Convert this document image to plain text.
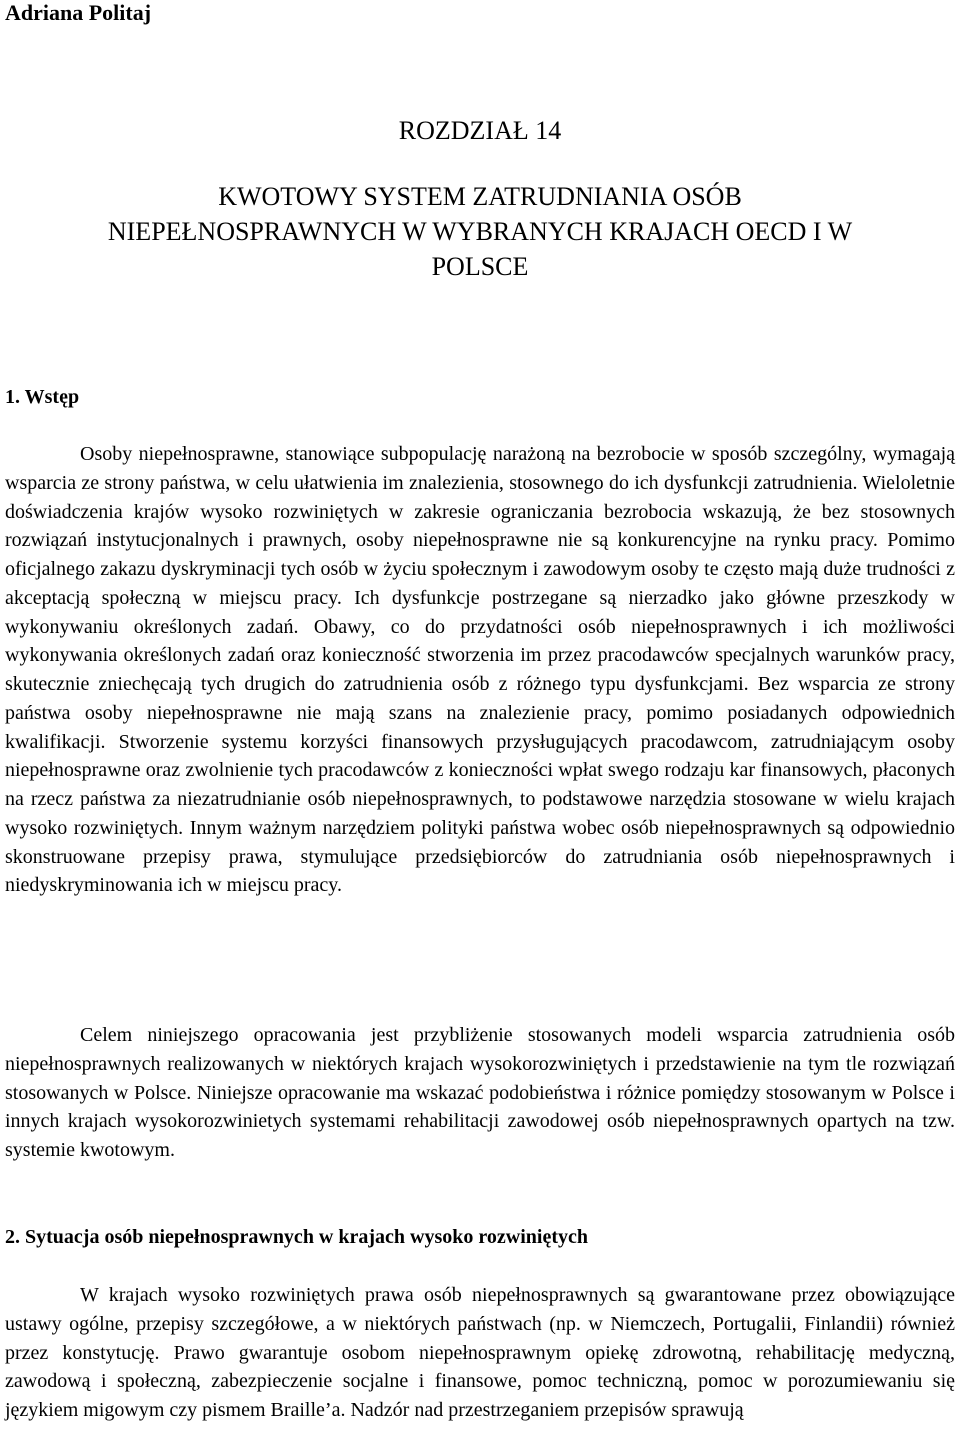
Adriana Politaj
ROZDZIAŁ 14
KWOTOWY SYSTEM ZATRUDNIANIA OSÓB
NIEPEŁNOSPRAWNYCH W WYBRANYCH KRAJACH OECD I W
POLSCE
1. Wstęp

Osoby niepełnosprawne, stanowiące subpopulację narażoną na bezrobocie w sposób szczególny, wymagają wsparcia ze strony państwa, w celu ułatwienia im znalezienia, stosownego do ich dysfunkcji zatrudnienia. Wieloletnie doświadczenia krajów wysoko rozwiniętych w zakresie ograniczania bezrobocia wskazują, że bez stosownych rozwiązań instytucjonalnych i prawnych, osoby niepełnosprawne nie są konkurencyjne na rynku pracy. Pomimo oficjalnego zakazu dyskryminacji tych osób w życiu społecznym i zawodowym osoby te często mają duże trudności z akceptacją społeczną w miejscu pracy. Ich dysfunkcje postrzegane są nierzadko jako główne przeszkody w wykonywaniu określonych zadań. Obawy, co do przydatności osób niepełnosprawnych i ich możliwości wykonywania określonych zadań oraz konieczność stworzenia im przez pracodawców specjalnych warunków pracy, skutecznie zniechęcają tych drugich do zatrudnienia osób z różnego typu dysfunkcjami. Bez wsparcia ze strony państwa osoby niepełnosprawne nie mają szans na znalezienie pracy, pomimo posiadanych odpowiednich kwalifikacji. Stworzenie systemu korzyści finansowych przysługujących pracodawcom, zatrudniającym osoby niepełnosprawne oraz zwolnienie tych pracodawców z konieczności wpłat swego rodzaju kar finansowych, płaconych na rzecz państwa za niezatrudnianie osób niepełnosprawnych, to podstawowe narzędzia stosowane w wielu krajach wysoko rozwiniętych. Innym ważnym narzędziem polityki państwa wobec osób niepełnosprawnych są odpowiednio skonstruowane przepisy prawa, stymulujące przedsiębiorców do zatrudniania osób niepełnosprawnych i niedyskryminowania ich w miejscu pracy.

Celem niniejszego opracowania jest przybliżenie stosowanych modeli wsparcia zatrudnienia osób niepełnosprawnych realizowanych w niektórych krajach wysokorozwiniętych i przedstawienie na tym tle rozwiązań stosowanych w Polsce. Niniejsze opracowanie ma wskazać podobieństwa i różnice pomiędzy stosowanym w Polsce i innych krajach wysokorozwinietych systemami rehabilitacji zawodowej osób niepełnosprawnych opartych na tzw. systemie kwotowym.

2. Sytuacja osób niepełnosprawnych w krajach wysoko rozwiniętych

W krajach wysoko rozwiniętych prawa osób niepełnosprawnych są gwarantowane przez obowiązujące ustawy ogólne, przepisy szczegółowe, a w niektórych państwach (np. w Niemczech, Portugalii, Finlandii) również przez konstytucję. Prawo gwarantuje osobom niepełnosprawnym opiekę zdrowotną, rehabilitację medyczną, zawodową i społeczną, zabezpieczenie socjalne i finansowe, pomoc techniczną, pomoc w porozumiewaniu się językiem migowym czy pismem Braille’a. Nadzór nad przestrzeganiem przepisów sprawują
